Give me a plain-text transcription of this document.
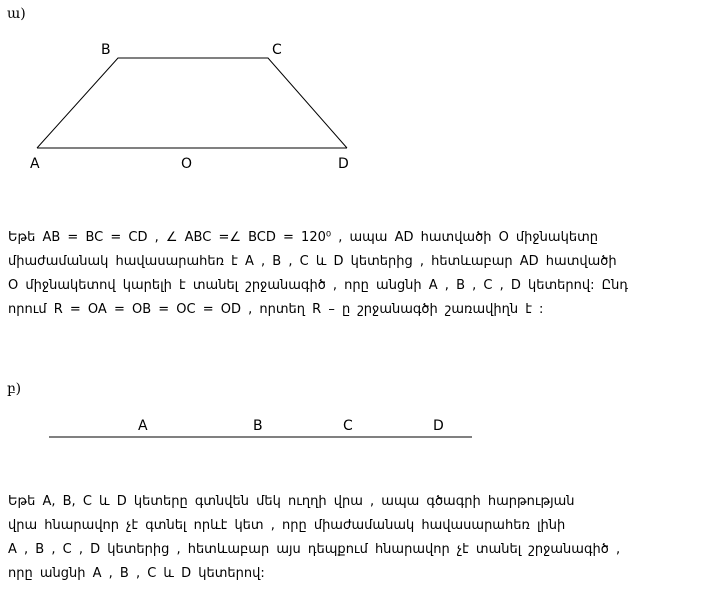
ա)
B	C
A	O	D
Եթե AB = BC = CD , ∠ ABC =∠ BCD = 120⁰ , ապա AD հատվածի O միջնակետը
միաժամանակ հավասարահեռ է A , B , C և D կետերից , հետևաբար AD հատվածի
O միջնակետով կարելի է տանել շրջանագիծ , որը անցնի A , B , C , D կետերով: Ընդ
որում R = OA = OB = OC = OD , որտեղ R – ը շրջանագծի շառավիղն է :
բ)
A	B	C	D
Եթե A, B, C և D կետերը գտնվեն մեկ ուղղի վրա , ապա գծագրի հարթության
վրա հնարավոր չէ գտնել որևէ կետ , որը միաժամանակ հավասարահեռ լինի
A , B , C , D կետերից , հետևաբար այս դեպքում հնարավոր չէ տանել շրջանագիծ ,
որը անցնի A , B , C և D կետերով:
